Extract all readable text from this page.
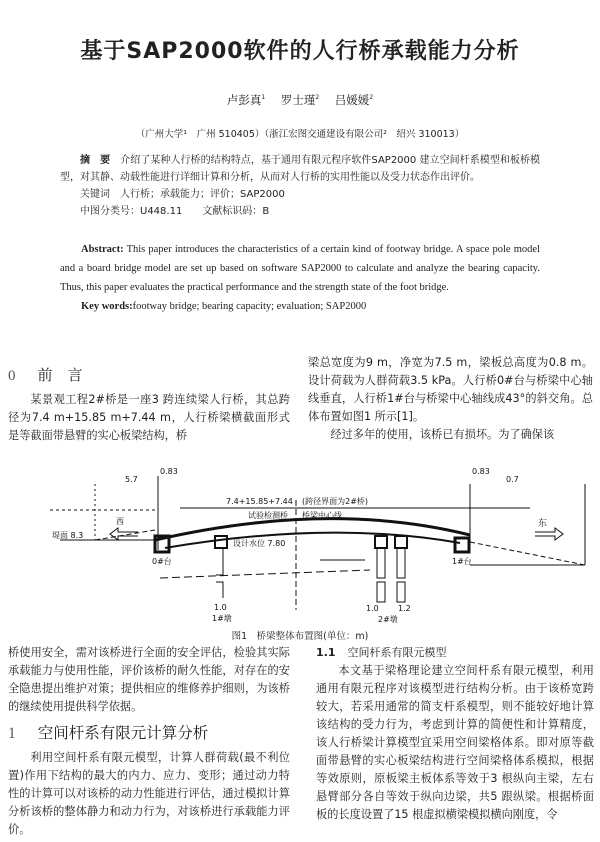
基于SAP2000软件的人行桥承载能力分析
卢彭真$^1$ 罗士瑾$^2$ 吕媛媛$^2$
（广州大学¹　广州 510405）（浙江宏图交通建设有限公司²　绍兴 310013）
摘　要　 介绍了某种人行桥的结构特点，基于通用有限元程序软件SAP2000 建立空间杆系模型和板桥模型，对其静、动载性能进行详细计算和分析，从而对人行桥的实用性能以及受力状态作出评价。
关键词　 人行桥；承载能力；评价；SAP2000
中图分类号：U448.11　　 文献标识码：B
Abstract: This paper introduces the characteristics of a certain kind of footway bridge. A space pole model and a board bridge model are set up based on software SAP2000 to calculate and analyze the bearing capacity. Thus, this paper evaluates the practical performance and the strength state of the foot bridge.
Key words:footway bridge; bearing capacity; evaluation; SAP2000
0 前　言
某景观工程2#桥是一座3 跨连续梁人行桥，其总跨径为7.4 m+15.85 m+7.44 m，人行桥梁横截面形式是等截面带悬臂的实心板梁结构，桥
梁总宽度为9 m，净宽为7.5 m，梁板总高度为0.8 m。设计荷载为人群荷载3.5 kPa。人行桥0#台与桥梁中心轴线垂直，人行桥1#台与桥梁中心轴线成43°的斜交角。总体布置如图1 所示[1]。
经过多年的使用，该桥已有损坏。为了确保该
堤面 8.3
西
5.7
0.83
7.4+15.85+7.44 (跨径界面为2#桥)
试验检测桥 桥梁中心线
设计水位 7.80
0#台
1.0
1#墩
1.0 1.2
2#墩
1#台
0.83
0.7
东
图1　桥梁整体布置图(单位：m)
桥使用安全，需对该桥进行全面的安全评估，检验其实际承载能力与使用性能，评价该桥的耐久性能，对存在的安全隐患提出维护对策；提供相应的维修养护细则，为该桥的继续使用提供科学依据。
1 空间杆系有限元计算分析
利用空间杆系有限元模型，计算人群荷载(最不利位置)作用下结构的最大的内力、应力、变形；通过动力特性的计算可以对该桥的动力性能进行评估，通过模拟计算分析该桥的整体静力和动力行为，对该桥进行承载能力评价。
1.1 空间杆系有限元模型
本文基于梁格理论建立空间杆系有限元模型，利用通用有限元程序对该模型进行结构分析。由于该桥宽跨较大，若采用通常的简支杆系模型，则不能较好地计算该结构的受力行为，考虑到计算的简便性和计算精度，该人行桥梁计算模型宜采用空间梁格体系。即对原等截面带悬臂的实心板梁结构进行空间梁格体系模拟，根据等效原则，原板梁主板体系等效于3 根纵向主梁，左右悬臂部分各自等效于纵向边梁，共5 跟纵梁。根据桥面板的长度设置了15 根虚拟横梁模拟横向刚度，令
